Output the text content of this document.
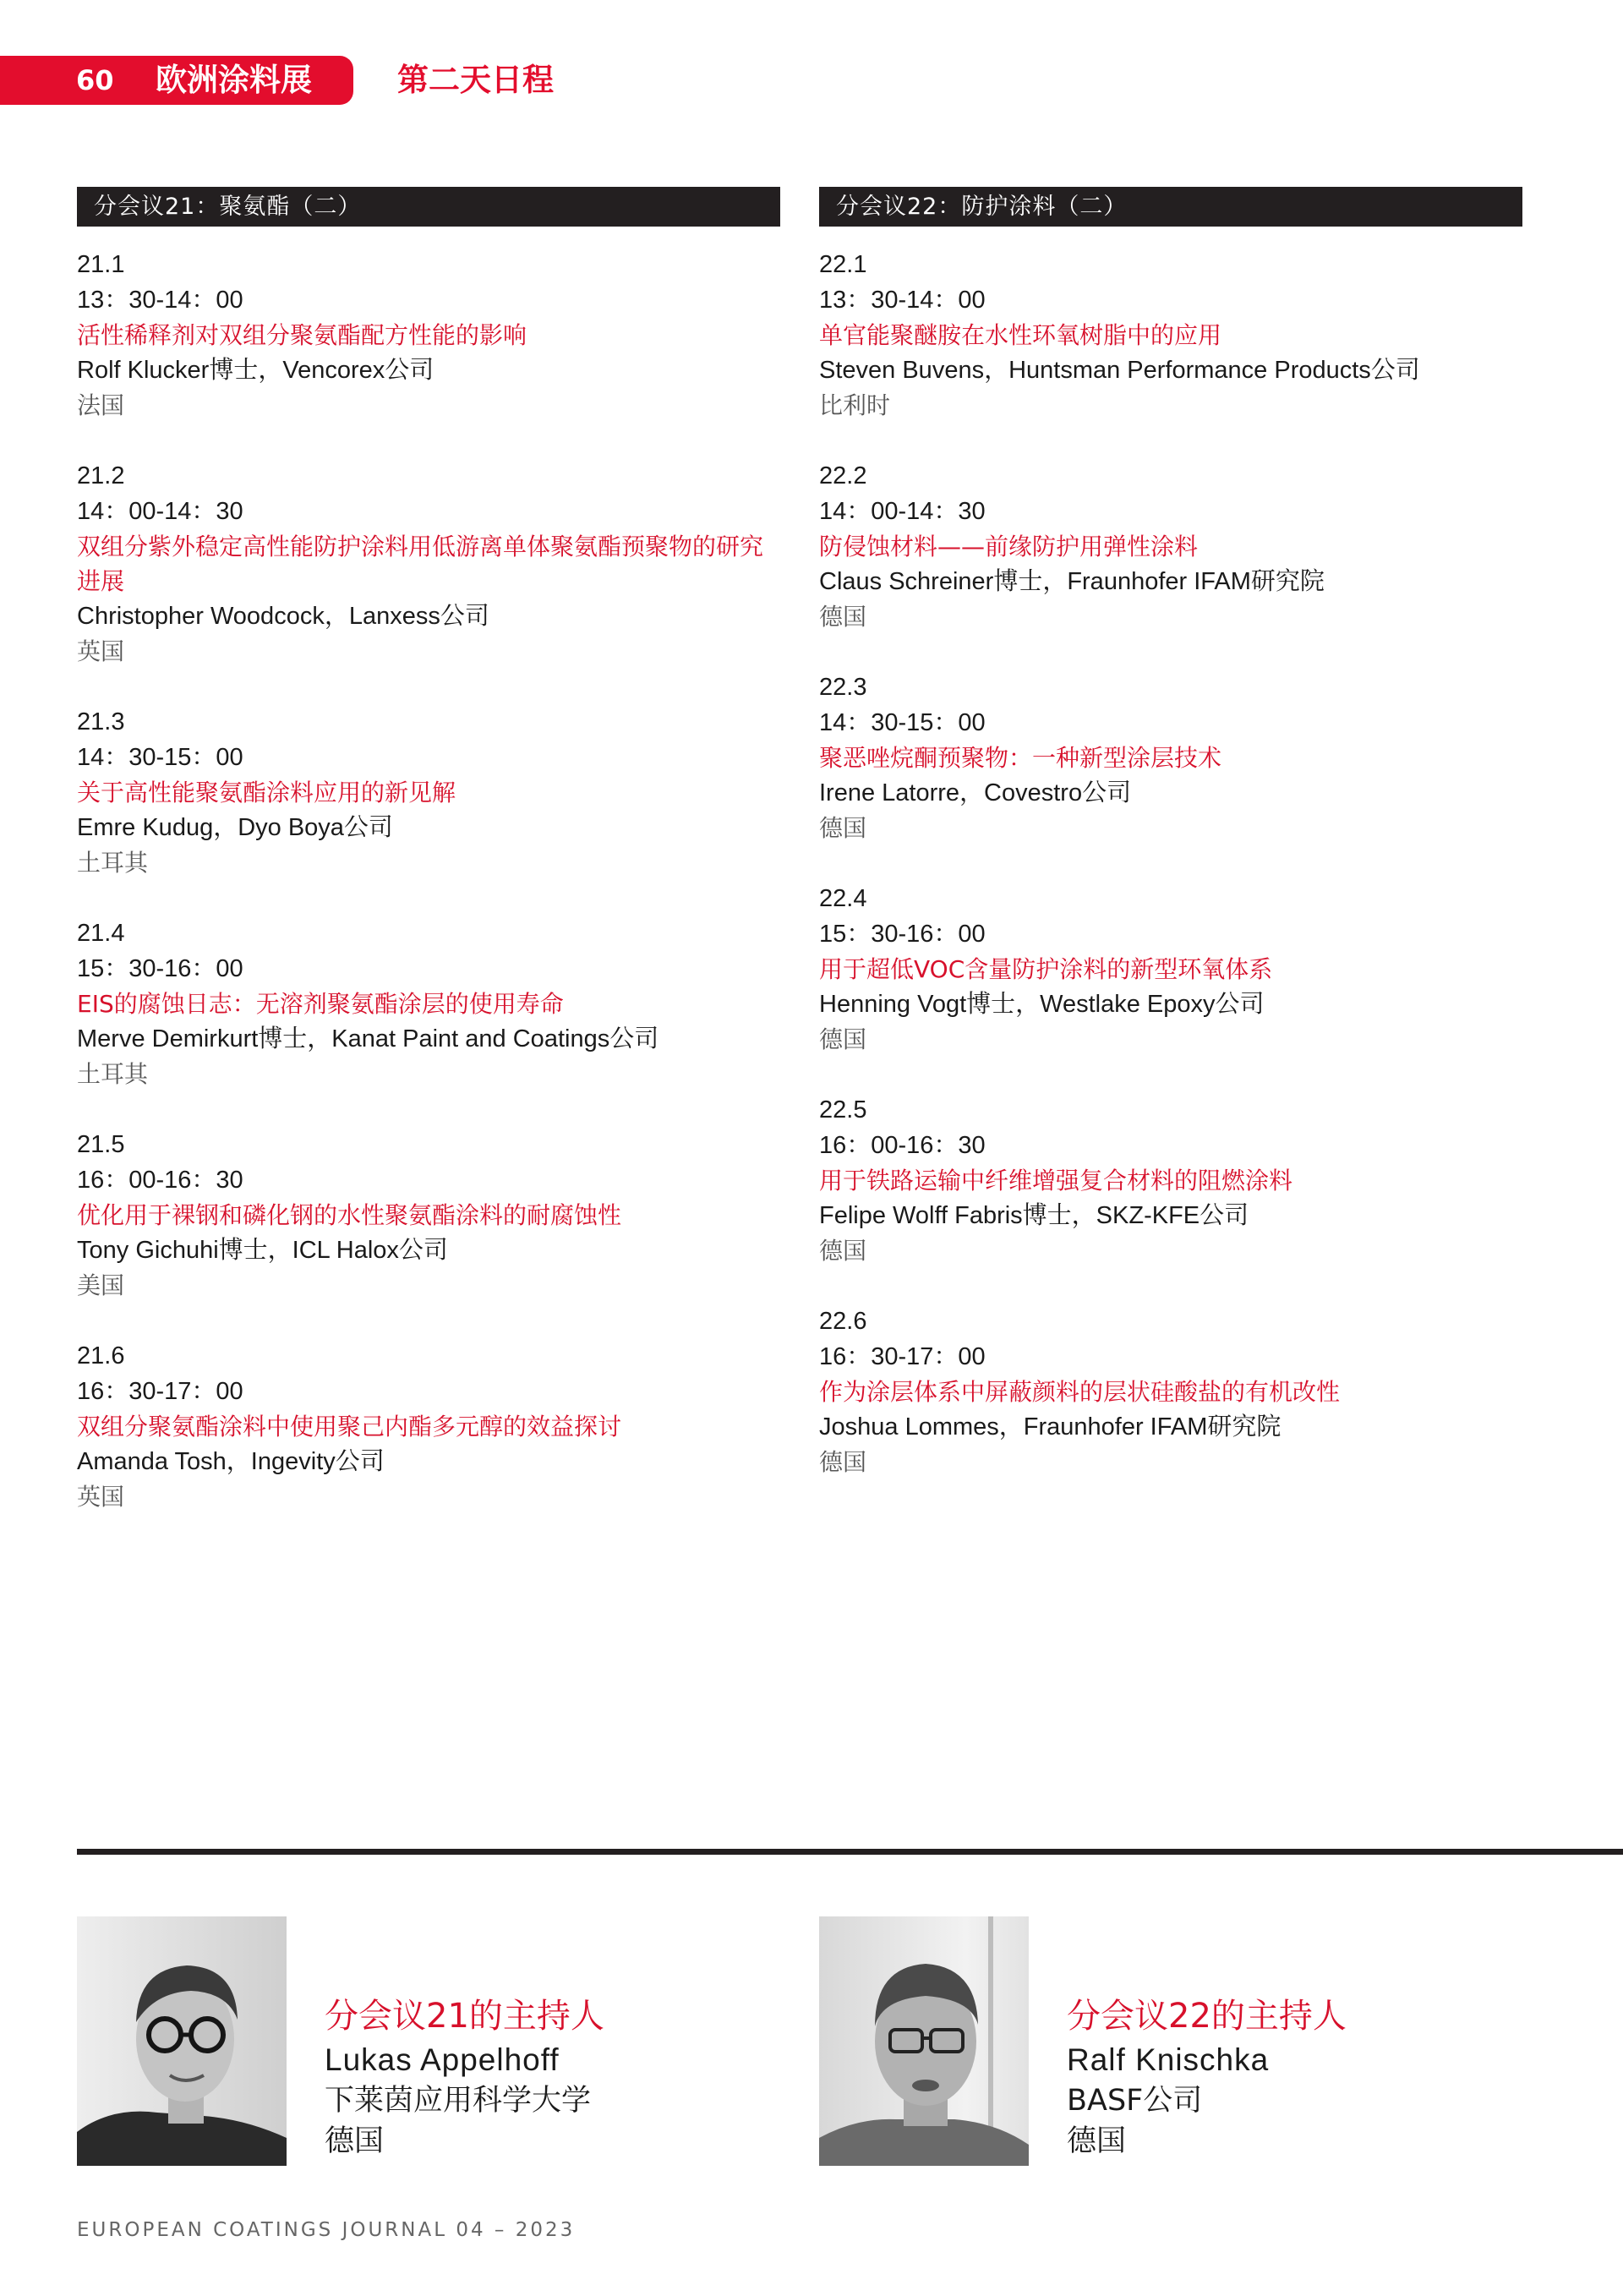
60 欧洲涂料展	第二天日程
分会议21：聚氨酯（二）
21.1
13：30-14：00
活性稀释剂对双组分聚氨酯配方性能的影响
Rolf Klucker博士，Vencorex公司
法国
21.2
14：00-14：30
双组分紫外稳定高性能防护涂料用低游离单体聚氨酯预聚物的研究进展
Christopher Woodcock，Lanxess公司
英国
21.3
14：30-15：00
关于高性能聚氨酯涂料应用的新见解
Emre Kudug，Dyo Boya公司
土耳其
21.4
15：30-16：00
EIS的腐蚀日志：无溶剂聚氨酯涂层的使用寿命
Merve Demirkurt博士，Kanat Paint and Coatings公司
土耳其
21.5
16：00-16：30
优化用于裸钢和磷化钢的水性聚氨酯涂料的耐腐蚀性
Tony Gichuhi博士，ICL Halox公司
美国
21.6
16：30-17：00
双组分聚氨酯涂料中使用聚己内酯多元醇的效益探讨
Amanda Tosh，Ingevity公司
英国
分会议22：防护涂料（二）
22.1
13：30-14：00
单官能聚醚胺在水性环氧树脂中的应用
Steven Buvens，Huntsman Performance Products公司
比利时
22.2
14：00-14：30
防侵蚀材料——前缘防护用弹性涂料
Claus Schreiner博士，Fraunhofer IFAM研究院
德国
22.3
14：30-15：00
聚恶唑烷酮预聚物：一种新型涂层技术
Irene Latorre，Covestro公司
德国
22.4
15：30-16：00
用于超低VOC含量防护涂料的新型环氧体系
Henning Vogt博士，Westlake Epoxy公司
德国
22.5
16：00-16：30
用于铁路运输中纤维增强复合材料的阻燃涂料
Felipe Wolff Fabris博士，SKZ-KFE公司
德国
22.6
16：30-17：00
作为涂层体系中屏蔽颜料的层状硅酸盐的有机改性
Joshua Lommes，Fraunhofer IFAM研究院
德国
分会议21的主持人
Lukas Appelhoff
下莱茵应用科学大学
德国
分会议22的主持人
Ralf Knischka
BASF公司
德国
EUROPEAN COATINGS JOURNAL 04 – 2023
